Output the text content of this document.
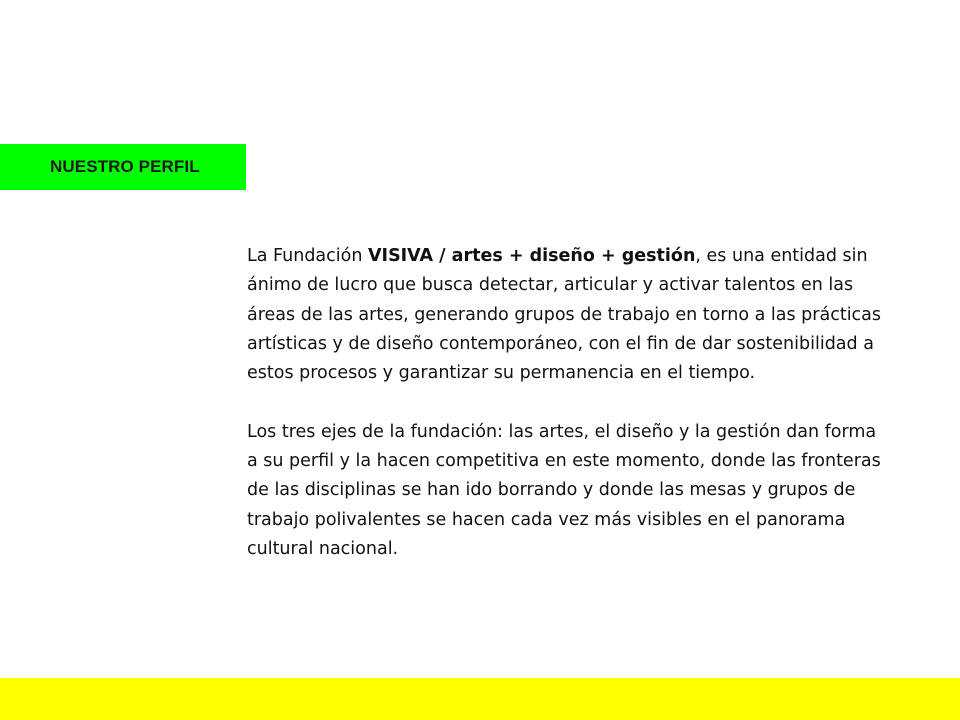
NUESTRO PERFIL

La Fundación VISIVA / artes + diseño + gestión, es una entidad sin ánimo de lucro que busca detectar, articular y activar talentos en las áreas de las artes, generando grupos de trabajo en torno a las prácticas artísticas y de diseño contemporáneo, con el fin de dar sostenibilidad a estos procesos y garantizar su permanencia en el tiempo.

Los tres ejes de la fundación: las artes, el diseño y la gestión dan forma a su perfil y la hacen competitiva en este momento, donde las fronteras de las disciplinas se han ido borrando y donde las mesas y grupos de trabajo polivalentes se hacen cada vez más visibles en el panorama cultural nacional.
